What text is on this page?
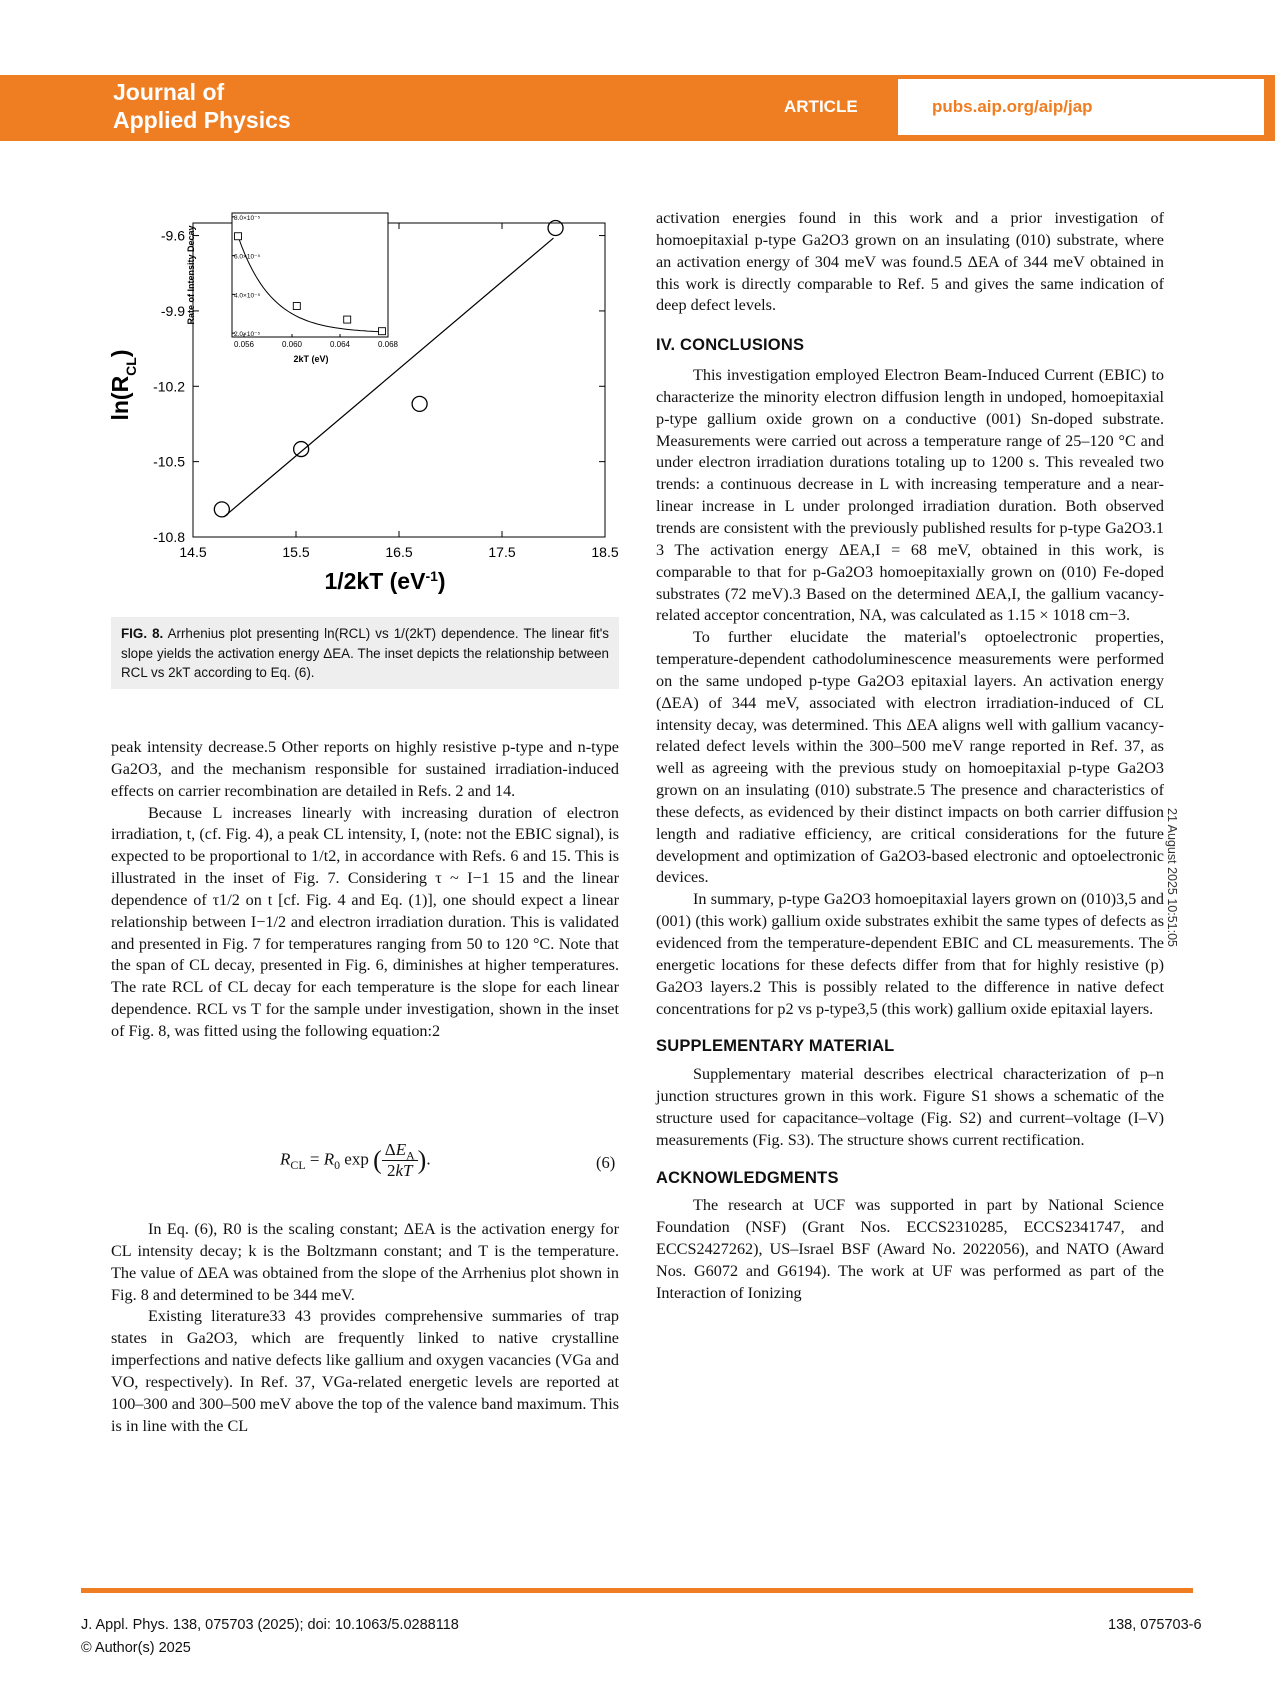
Journal of
Applied Physics
ARTICLE	pubs.aip.org/aip/jap
14.5	15.5	16.5	17.5	18.5
-10.8
-10.5
-10.2
-9.9
-9.6
1/2kT $(eV^{-1})$
$\ln(R_{CL})$
0.056	0.060	0.064	0.068
2.0×10⁻⁵
4.0×10⁻⁵
6.0×10⁻⁵
8.0×10⁻⁵
2kT (eV)
Rate of Intensity Decay
FIG. 8. Arrhenius plot presenting ln(RCL) vs 1/(2kT) dependence. The linear fit's slope yields the activation energy ΔEA. The inset depicts the relationship between RCL vs 2kT according to Eq. (6).

peak intensity decrease.5 Other reports on highly resistive p-type and n-type Ga2O3, and the mechanism responsible for sustained irradiation-induced effects on carrier recombination are detailed in Refs. 2 and 14.

Because L increases linearly with increasing duration of electron irradiation, t, (cf. Fig. 4), a peak CL intensity, I, (note: not the EBIC signal), is expected to be proportional to 1/t2, in accordance with Refs. 6 and 15. This is illustrated in the inset of Fig. 7. Considering τ ~ I−1 15 and the linear dependence of τ1/2 on t [cf. Fig. 4 and Eq. (1)], one should expect a linear relationship between I−1/2 and electron irradiation duration. This is validated and presented in Fig. 7 for temperatures ranging from 50 to 120 °C. Note that the span of CL decay, presented in Fig. 6, diminishes at higher temperatures. The rate RCL of CL decay for each temperature is the slope for each linear dependence. RCL vs T for the sample under investigation, shown in the inset of Fig. 8, was fitted using the following equation:2

$R_{CL} = R_0$ exp ( $\frac{\Delta E_A}{2kT}$ ).	(6)

In Eq. (6), R0 is the scaling constant; ΔEA is the activation energy for CL intensity decay; k is the Boltzmann constant; and T is the temperature. The value of ΔEA was obtained from the slope of the Arrhenius plot shown in Fig. 8 and determined to be 344 meV.

Existing literature33 43 provides comprehensive summaries of trap states in Ga2O3, which are frequently linked to native crystalline imperfections and native defects like gallium and oxygen vacancies (VGa and VO, respectively). In Ref. 37, VGa-related energetic levels are reported at 100–300 and 300–500 meV above the top of the valence band maximum. This is in line with the CL

activation energies found in this work and a prior investigation of homoepitaxial p-type Ga2O3 grown on an insulating (010) substrate, where an activation energy of 304 meV was found.5 ΔEA of 344 meV obtained in this work is directly comparable to Ref. 5 and gives the same indication of deep defect levels.

IV. CONCLUSIONS

This investigation employed Electron Beam-Induced Current (EBIC) to characterize the minority electron diffusion length in undoped, homoepitaxial p-type gallium oxide grown on a conductive (001) Sn-doped substrate. Measurements were carried out across a temperature range of 25–120 °C and under electron irradiation durations totaling up to 1200 s. This revealed two trends: a continuous decrease in L with increasing temperature and a near-linear increase in L under prolonged irradiation duration. Both observed trends are consistent with the previously published results for p-type Ga2O3.1 3 The activation energy ΔEA,I = 68 meV, obtained in this work, is comparable to that for p-Ga2O3 homoepitaxially grown on (010) Fe-doped substrates (72 meV).3 Based on the determined ΔEA,I, the gallium vacancy-related acceptor concentration, NA, was calculated as 1.15 × 1018 cm−3.

To further elucidate the material's optoelectronic properties, temperature-dependent cathodoluminescence measurements were performed on the same undoped p-type Ga2O3 epitaxial layers. An activation energy (ΔEA) of 344 meV, associated with electron irradiation-induced of CL intensity decay, was determined. This ΔEA aligns well with gallium vacancy-related defect levels within the 300–500 meV range reported in Ref. 37, as well as agreeing with the previous study on homoepitaxial p-type Ga2O3 grown on an insulating (010) substrate.5 The presence and characteristics of these defects, as evidenced by their distinct impacts on both carrier diffusion length and radiative efficiency, are critical considerations for the future development and optimization of Ga2O3-based electronic and optoelectronic devices.

In summary, p-type Ga2O3 homoepitaxial layers grown on (010)3,5 and (001) (this work) gallium oxide substrates exhibit the same types of defects as evidenced from the temperature-dependent EBIC and CL measurements. The energetic locations for these defects differ from that for highly resistive (p) Ga2O3 layers.2 This is possibly related to the difference in native defect concentrations for p2 vs p-type3,5 (this work) gallium oxide epitaxial layers.

SUPPLEMENTARY MATERIAL

Supplementary material describes electrical characterization of p–n junction structures grown in this work. Figure S1 shows a schematic of the structure used for capacitance–voltage (Fig. S2) and current–voltage (I–V) measurements (Fig. S3). The structure shows current rectification.

ACKNOWLEDGMENTS

The research at UCF was supported in part by National Science Foundation (NSF) (Grant Nos. ECCS2310285, ECCS2341747, and ECCS2427262), US–Israel BSF (Award No. 2022056), and NATO (Award Nos. G6072 and G6194). The work at UF was performed as part of the Interaction of Ionizing

21 August 2025 10:51:05
J. Appl. Phys. 138, 075703 (2025); doi: 10.1063/5.0288118
© Author(s) 2025
138, 075703-6
